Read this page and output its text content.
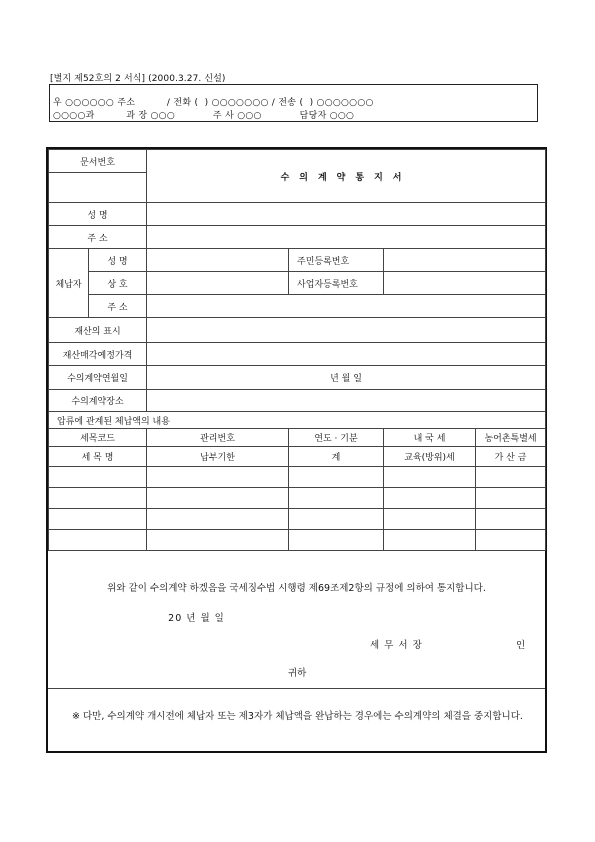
[별지 제52호의 2 서식] (2000.3.27. 신설)
우 ○○○○○○ 주소          / 전화 (  ) ○○○○○○○ / 전송 (  ) ○○○○○○○
○○○○과          과 장 ○○○            주 사 ○○○            담당자 ○○○
문서번호		수의계약통지서			

성 명					
주 소					
체납자	성 명		주민등록번호		
	상 호		사업자등록번호		
	주 소				
재산의 표시					
재산매각예정가격					
수의계약연월일		년 월 일			
수의계약장소					
압류에 관계된 체납액의 내용					
세목코드		관리번호	연도 · 기분	내 국 세	농어촌특별세
세 목 명		납부기한	계	교육(방위)세	가 산 금

위와 같이 수의계약 하겠음을 국세징수법 시행령 제69조제2항의 규정에 의하여 통지합니다.
20 년 월 일
세 무 서 장	인
귀하
※ 다만, 수의계약 개시전에 체납자 또는 제3자가 체납액을 완납하는 경우에는 수의계약의 체결을 중지합니다.
